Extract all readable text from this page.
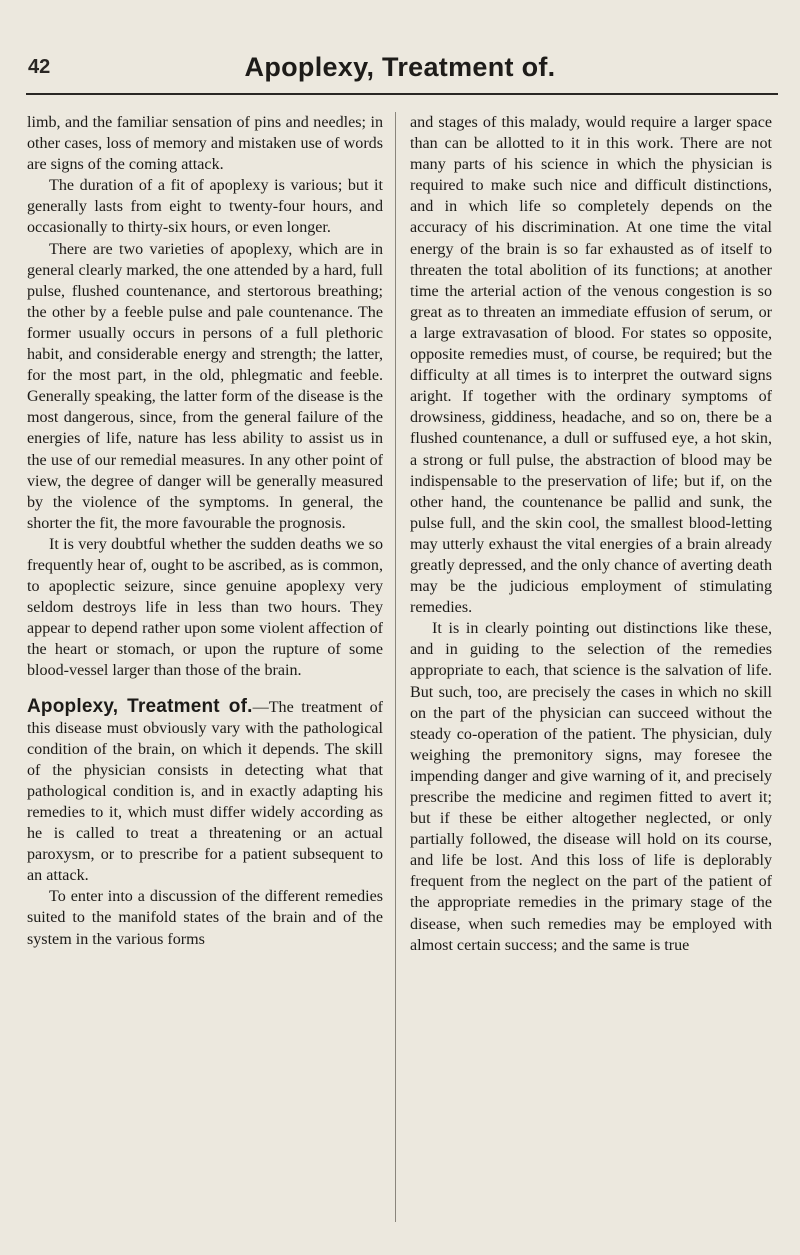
42	Apoplexy, Treatment of.

limb, and the familiar sensation of pins and needles; in other cases, loss of memory and mistaken use of words are signs of the coming attack.

The duration of a fit of apoplexy is various; but it generally lasts from eight to twenty-four hours, and occasionally to thirty-six hours, or even longer.

There are two varieties of apoplexy, which are in general clearly marked, the one attended by a hard, full pulse, flushed countenance, and stertorous breathing; the other by a feeble pulse and pale countenance. The former usually occurs in persons of a full plethoric habit, and considerable energy and strength; the latter, for the most part, in the old, phlegmatic and feeble. Generally speaking, the latter form of the disease is the most dangerous, since, from the general failure of the energies of life, nature has less ability to assist us in the use of our remedial measures. In any other point of view, the degree of danger will be generally measured by the violence of the symptoms. In general, the shorter the fit, the more favourable the prognosis.

It is very doubtful whether the sudden deaths we so frequently hear of, ought to be ascribed, as is common, to apoplectic seizure, since genuine apoplexy very seldom destroys life in less than two hours. They appear to depend rather upon some violent affection of the heart or stomach, or upon the rupture of some blood-vessel larger than those of the brain.

Apoplexy, Treatment of.—The treatment of this disease must obviously vary with the pathological condition of the brain, on which it depends. The skill of the physician consists in detecting what that pathological condition is, and in exactly adapting his remedies to it, which must differ widely according as he is called to treat a threatening or an actual paroxysm, or to prescribe for a patient subsequent to an attack.

To enter into a discussion of the different remedies suited to the manifold states of the brain and of the system in the various forms

and stages of this malady, would require a larger space than can be allotted to it in this work. There are not many parts of his science in which the physician is required to make such nice and difficult distinctions, and in which life so completely depends on the accuracy of his discrimination. At one time the vital energy of the brain is so far exhausted as of itself to threaten the total abolition of its functions; at another time the arterial action of the venous congestion is so great as to threaten an immediate effusion of serum, or a large extravasation of blood. For states so opposite, opposite remedies must, of course, be required; but the difficulty at all times is to interpret the outward signs aright. If together with the ordinary symptoms of drowsiness, giddiness, headache, and so on, there be a flushed countenance, a dull or suffused eye, a hot skin, a strong or full pulse, the abstraction of blood may be indispensable to the preservation of life; but if, on the other hand, the countenance be pallid and sunk, the pulse full, and the skin cool, the smallest blood-letting may utterly exhaust the vital energies of a brain already greatly depressed, and the only chance of averting death may be the judicious employment of stimulating remedies.

It is in clearly pointing out distinctions like these, and in guiding to the selection of the remedies appropriate to each, that science is the salvation of life. But such, too, are precisely the cases in which no skill on the part of the physician can succeed without the steady co-operation of the patient. The physician, duly weighing the premonitory signs, may foresee the impending danger and give warning of it, and precisely prescribe the medicine and regimen fitted to avert it; but if these be either altogether neglected, or only partially followed, the disease will hold on its course, and life be lost. And this loss of life is deplorably frequent from the neglect on the part of the patient of the appropriate remedies in the primary stage of the disease, when such remedies may be employed with almost certain success; and the same is true
